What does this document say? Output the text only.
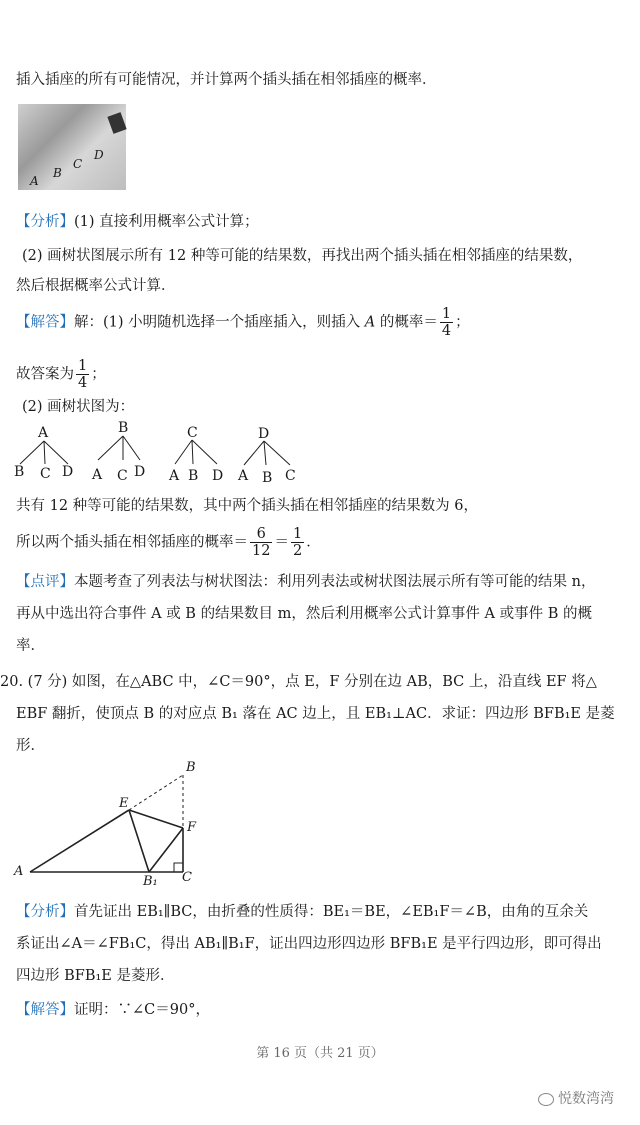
插入插座的所有可能情况，并计算两个插头插在相邻插座的概率．
A
B
C
D
【分析】(1) 直接利用概率公式计算；
(2) 画树状图展示所有 12 种等可能的结果数，再找出两个插头插在相邻插座的结果数，
然后根据概率公式计算．
【解答】解：(1) 小明随机选择一个插座插入，则插入 A 的概率＝ $\frac{1}{4}$ ；
故答案为 $\frac{1}{4}$ ；
(2) 画树状图为：
A
B C D
B
A C D
C
A B D
D
A B C
共有 12 种等可能的结果数，其中两个插头插在相邻插座的结果数为 6，
所以两个插头插在相邻插座的概率＝ $\frac{6}{12} = \frac{1}{2}$ ．
【点评】本题考查了列表法与树状图法：利用列表法或树状图法展示所有等可能的结果 n，
再从中选出符合事件 A 或 B 的结果数目 m，然后利用概率公式计算事件 A 或事件 B 的概
率．
20. (7 分) 如图，在△ABC 中，∠C＝90°，点 E，F 分别在边 AB，BC 上，沿直线 EF 将△
EBF 翻折，使顶点 B 的对应点 B₁ 落在 AC 边上，且 EB₁⊥AC．求证：四边形 BFB₁E 是菱
形．
B
E
F
A
B₁ C
【分析】首先证出 EB₁∥BC，由折叠的性质得：BE₁＝BE，∠EB₁F＝∠B，由角的互余关
系证出∠A＝∠FB₁C，得出 AB₁∥B₁F，证出四边形四边形 BFB₁E 是平行四边形，即可得出
四边形 BFB₁E 是菱形．
【解答】证明：∵∠C＝90°，
第 16 页（共 21 页）
悦数湾湾
